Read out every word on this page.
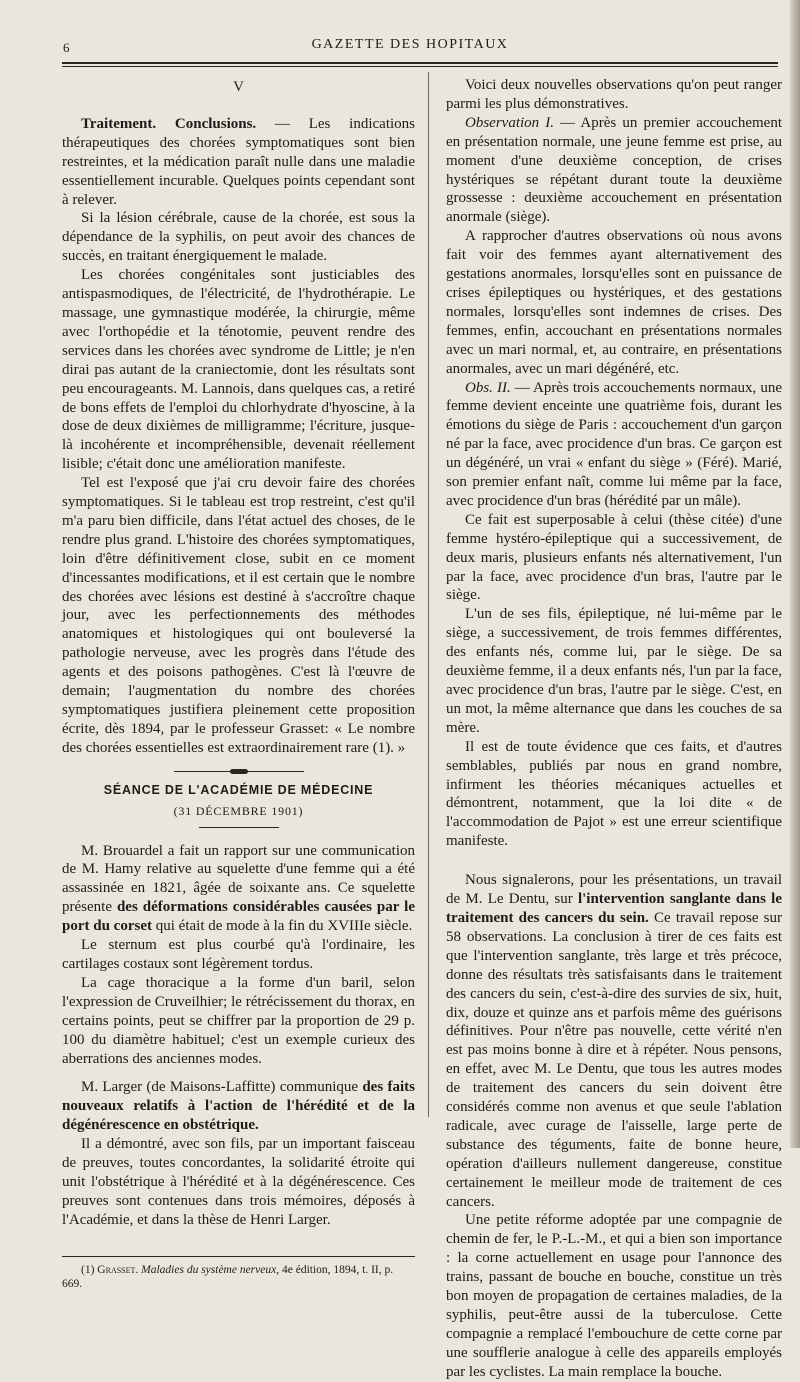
6	GAZETTE DES HOPITAUX
V

Traitement. Conclusions. — Les indications thérapeutiques des chorées symptomatiques sont bien restreintes, et la médication paraît nulle dans une maladie essentiellement incurable. Quelques points cependant sont à relever.

Si la lésion cérébrale, cause de la chorée, est sous la dépendance de la syphilis, on peut avoir des chances de succès, en traitant énergiquement le malade.

Les chorées congénitales sont justiciables des antispasmodiques, de l'électricité, de l'hydrothérapie. Le massage, une gymnastique modérée, la chirurgie, même avec l'orthopédie et la ténotomie, peuvent rendre des services dans les chorées avec syndrome de Little; je n'en dirai pas autant de la craniectomie, dont les résultats sont peu encourageants. M. Lannois, dans quelques cas, a retiré de bons effets de l'emploi du chlorhydrate d'hyoscine, à la dose de deux dixièmes de milligramme; l'écriture, jusque-là incohérente et incompréhensible, devenait réellement lisible; c'était donc une amélioration manifeste.

Tel est l'exposé que j'ai cru devoir faire des chorées symptomatiques. Si le tableau est trop restreint, c'est qu'il m'a paru bien difficile, dans l'état actuel des choses, de le rendre plus grand. L'histoire des chorées symptomatiques, loin d'être définitivement close, subit en ce moment d'incessantes modifications, et il est certain que le nombre des chorées avec lésions est destiné à s'accroître chaque jour, avec les perfectionnements des méthodes anatomiques et histologiques qui ont bouleversé la pathologie nerveuse, avec les progrès dans l'étude des agents et des poisons pathogènes. C'est là l'œuvre de demain; l'augmentation du nombre des chorées symptomatiques justifiera pleinement cette proposition écrite, dès 1894, par le professeur Grasset: « Le nombre des chorées essentielles est extraordinairement rare (1). »

SÉANCE DE L'ACADÉMIE DE MÉDECINE
(31 DÉCEMBRE 1901)

M. Brouardel a fait un rapport sur une communication de M. Hamy relative au squelette d'une femme qui a été assassinée en 1821, âgée de soixante ans. Ce squelette présente des déformations considérables causées par le port du corset qui était de mode à la fin du XVIIIe siècle.

Le sternum est plus courbé qu'à l'ordinaire, les cartilages costaux sont légèrement tordus.

La cage thoracique a la forme d'un baril, selon l'expression de Cruveilhier; le rétrécissement du thorax, en certains points, peut se chiffrer par la proportion de 29 p. 100 du diamètre habituel; c'est un exemple curieux des aberrations des anciennes modes.

M. Larger (de Maisons-Laffitte) communique des faits nouveaux relatifs à l'action de l'hérédité et de la dégénérescence en obstétrique.

Il a démontré, avec son fils, par un important faisceau de preuves, toutes concordantes, la solidarité étroite qui unit l'obstétrique à l'hérédité et à la dégénérescence. Ces preuves sont contenues dans trois mémoires, déposés à l'Académie, et dans la thèse de Henri Larger.

(1) Grasset. Maladies du système nerveux, 4e édition, 1894, t. II, p. 669.

Voici deux nouvelles observations qu'on peut ranger parmi les plus démonstratives.

Observation I. — Après un premier accouchement en présentation normale, une jeune femme est prise, au moment d'une deuxième conception, de crises hystériques se répétant durant toute la deuxième grossesse : deuxième accouchement en présentation anormale (siège).

A rapprocher d'autres observations où nous avons fait voir des femmes ayant alternativement des gestations anormales, lorsqu'elles sont en puissance de crises épileptiques ou hystériques, et des gestations normales, lorsqu'elles sont indemnes de crises. Des femmes, enfin, accouchant en présentations normales avec un mari normal, et, au contraire, en présentations anormales, avec un mari dégénéré, etc.

Obs. II. — Après trois accouchements normaux, une femme devient enceinte une quatrième fois, durant les émotions du siège de Paris : accouchement d'un garçon né par la face, avec procidence d'un bras. Ce garçon est un dégénéré, un vrai « enfant du siège » (Féré). Marié, son premier enfant naît, comme lui même par la face, avec procidence d'un bras (hérédité par un mâle).

Ce fait est superposable à celui (thèse citée) d'une femme hystéro-épileptique qui a successivement, de deux maris, plusieurs enfants nés alternativement, l'un par la face, avec procidence d'un bras, l'autre par le siège.

L'un de ses fils, épileptique, né lui-même par le siège, a successivement, de trois femmes différentes, des enfants nés, comme lui, par le siège. De sa deuxième femme, il a deux enfants nés, l'un par la face, avec procidence d'un bras, l'autre par le siège. C'est, en un mot, la même alternance que dans les couches de sa mère.

Il est de toute évidence que ces faits, et d'autres semblables, publiés par nous en grand nombre, infirment les théories mécaniques actuelles et démontrent, notamment, que la loi dite « de l'accommodation de Pajot » est une erreur scientifique manifeste.

Nous signalerons, pour les présentations, un travail de M. Le Dentu, sur l'intervention sanglante dans le traitement des cancers du sein. Ce travail repose sur 58 observations. La conclusion à tirer de ces faits est que l'intervention sanglante, très large et très précoce, donne des résultats très satisfaisants dans le traitement des cancers du sein, c'est-à-dire des survies de six, huit, dix, douze et quinze ans et parfois même des guérisons définitives. Pour n'être pas nouvelle, cette vérité n'en est pas moins bonne à dire et à répéter. Nous pensons, en effet, avec M. Le Dentu, que tous les autres modes de traitement des cancers du sein doivent être considérés comme non avenus et que seule l'ablation radicale, avec curage de l'aisselle, large perte de substance des téguments, faite de bonne heure, opération d'ailleurs nullement dangereuse, constitue certainement le meilleur mode de traitement de ces cancers.

Une petite réforme adoptée par une compagnie de chemin de fer, le P.-L.-M., et qui a bien son importance : la corne actuellement en usage pour l'annonce des trains, passant de bouche en bouche, constitue un très bon moyen de propagation de certaines maladies, de la syphilis, peut-être aussi de la tuberculose. Cette compagnie a remplacé l'embouchure de cette corne par une soufflerie analogue à celle des appareils employés par les cyclistes. La main remplace la bouche.
